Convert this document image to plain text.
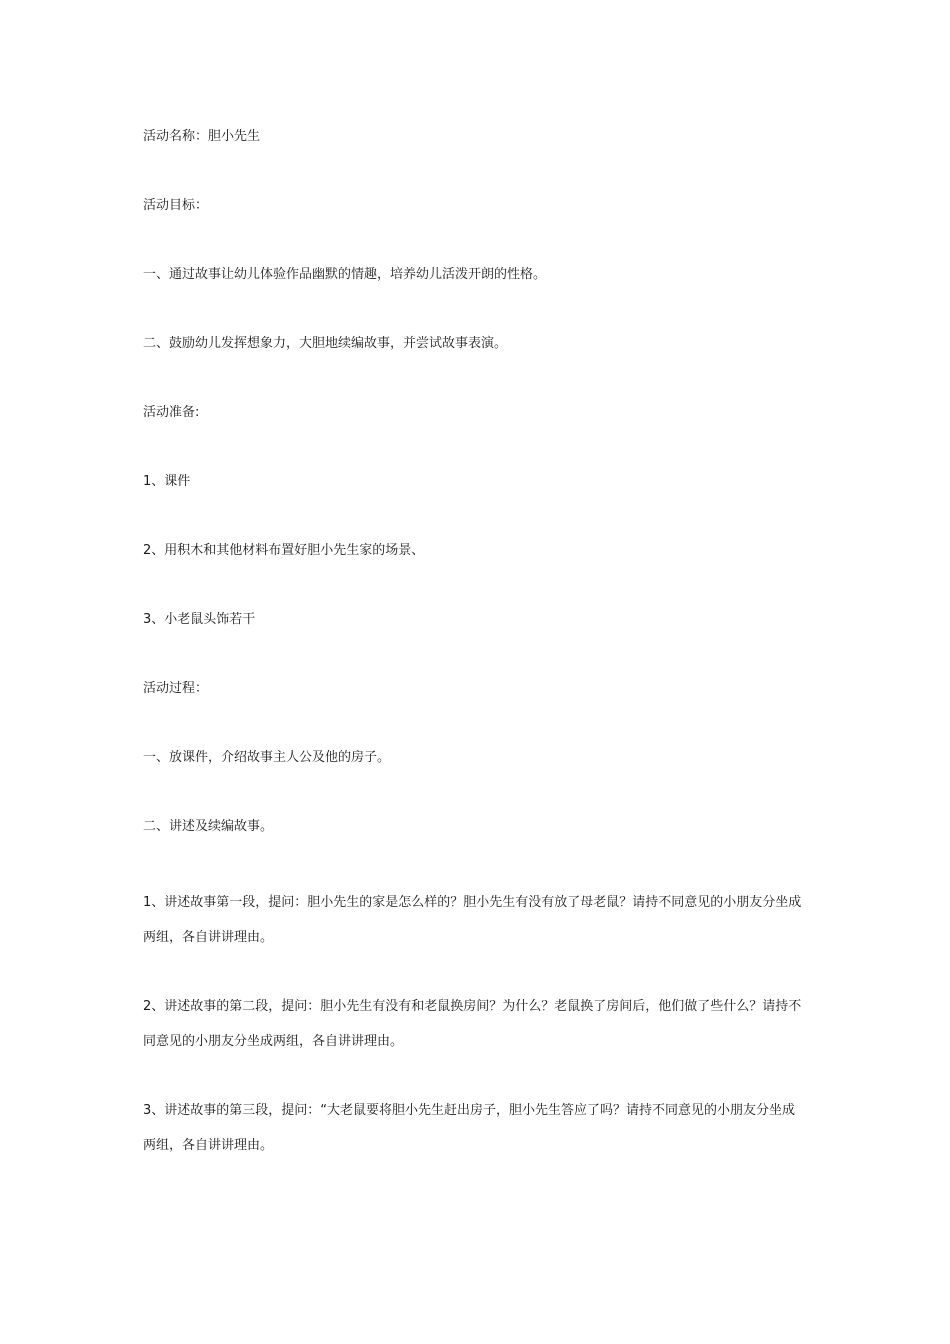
活动名称：胆小先生

活动目标：

一、通过故事让幼儿体验作品幽默的情趣，培养幼儿活泼开朗的性格。

二、鼓励幼儿发挥想象力，大胆地续编故事，并尝试故事表演。

活动准备:

1、课件

2、用积木和其他材料布置好胆小先生家的场景、

3、小老鼠头饰若干

活动过程：

一、放课件，介绍故事主人公及他的房子。

二、讲述及续编故事。

1、讲述故事第一段，提问：胆小先生的家是怎么样的？胆小先生有没有放了母老鼠？请持不同意见的小朋友分坐成两组，各自讲讲理由。

2、讲述故事的第二段，提问：胆小先生有没有和老鼠换房间？为什么？老鼠换了房间后，他们做了些什么？请持不同意见的小朋友分坐成两组，各自讲讲理由。

3、讲述故事的第三段，提问：“大老鼠要将胆小先生赶出房子，胆小先生答应了吗？请持不同意见的小朋友分坐成两组，各自讲讲理由。
